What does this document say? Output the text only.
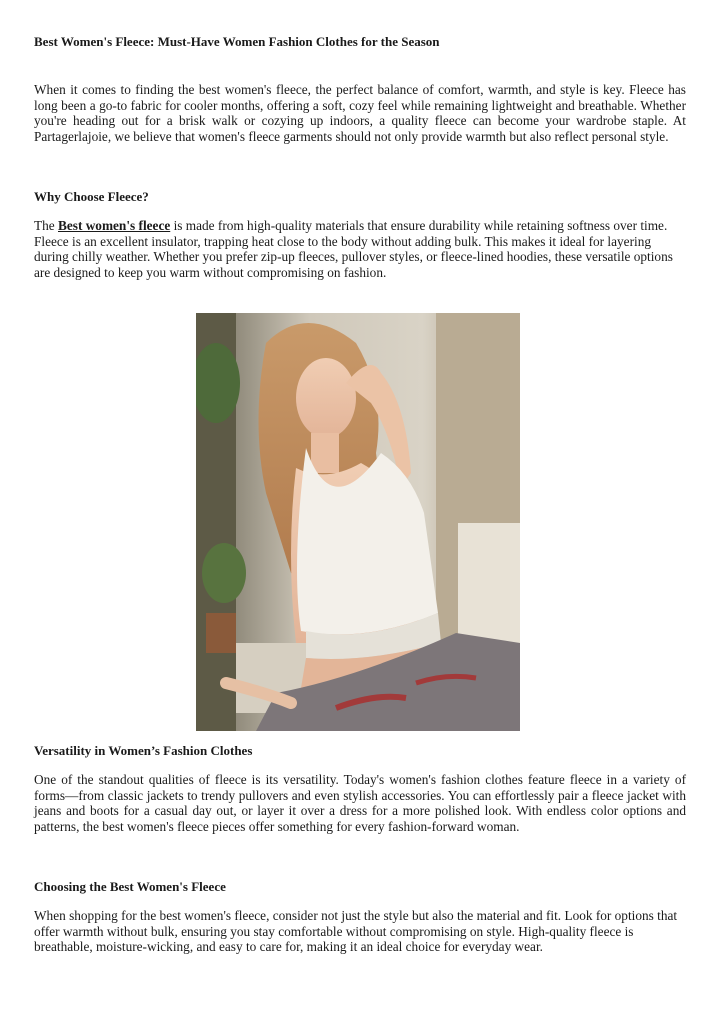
Best Women's Fleece: Must-Have Women Fashion Clothes for the Season

When it comes to finding the best women's fleece, the perfect balance of comfort, warmth, and style is key. Fleece has long been a go-to fabric for cooler months, offering a soft, cozy feel while remaining lightweight and breathable. Whether you're heading out for a brisk walk or cozying up indoors, a quality fleece can become your wardrobe staple. At Partagerlajoie, we believe that women's fleece garments should not only provide warmth but also reflect personal style.

Why Choose Fleece?

The Best women's fleece is made from high-quality materials that ensure durability while retaining softness over time. Fleece is an excellent insulator, trapping heat close to the body without adding bulk. This makes it ideal for layering during chilly weather. Whether you prefer zip-up fleeces, pullover styles, or fleece-lined hoodies, these versatile options are designed to keep you warm without compromising on fashion.

Versatility in Women’s Fashion Clothes

One of the standout qualities of fleece is its versatility. Today's women's fashion clothes feature fleece in a variety of forms—from classic jackets to trendy pullovers and even stylish accessories. You can effortlessly pair a fleece jacket with jeans and boots for a casual day out, or layer it over a dress for a more polished look. With endless color options and patterns, the best women's fleece pieces offer something for every fashion-forward woman.

Choosing the Best Women's Fleece

When shopping for the best women's fleece, consider not just the style but also the material and fit. Look for options that offer warmth without bulk, ensuring you stay comfortable without compromising on style. High-quality fleece is breathable, moisture-wicking, and easy to care for, making it an ideal choice for everyday wear.
